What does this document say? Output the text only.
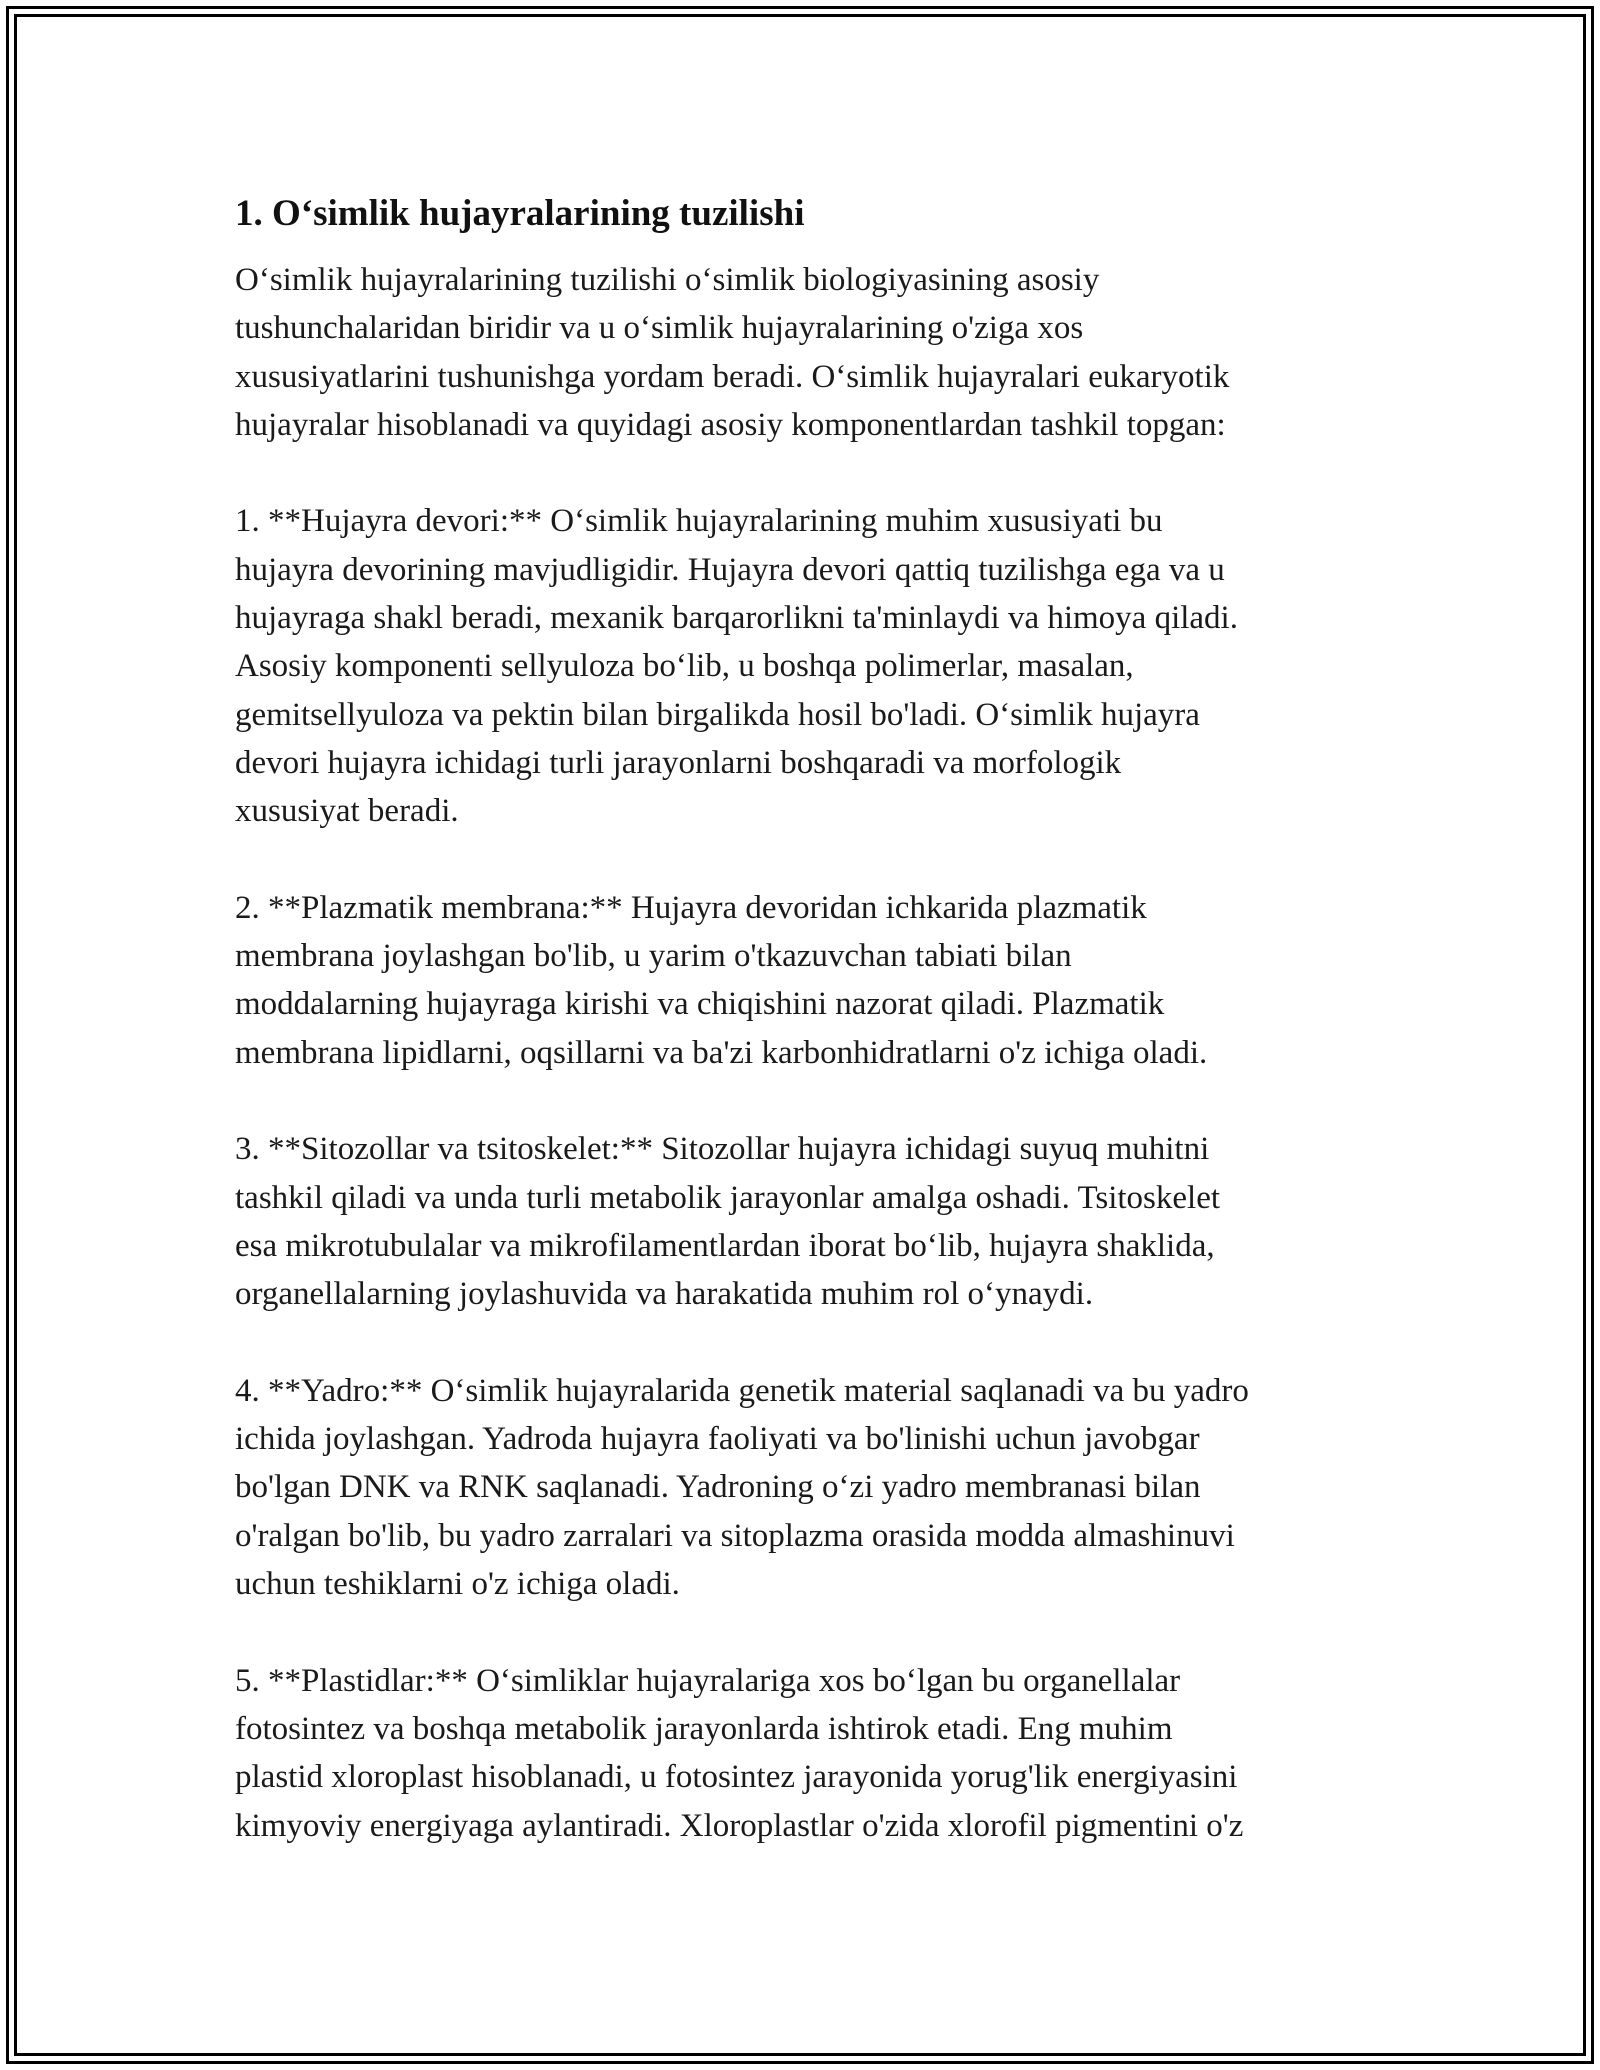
1. O‘simlik hujayralarining tuzilishi
O‘simlik hujayralarining tuzilishi o‘simlik biologiyasining asosiy
tushunchalaridan biridir va u o‘simlik hujayralarining o'ziga xos
xususiyatlarini tushunishga yordam beradi. O‘simlik hujayralari eukaryotik
hujayralar hisoblanadi va quyidagi asosiy komponentlardan tashkil topgan:
1. **Hujayra devori:** O‘simlik hujayralarining muhim xususiyati bu
hujayra devorining mavjudligidir. Hujayra devori qattiq tuzilishga ega va u
hujayraga shakl beradi, mexanik barqarorlikni ta'minlaydi va himoya qiladi.
Asosiy komponenti sellyuloza bo‘lib, u boshqa polimerlar, masalan,
gemitsellyuloza va pektin bilan birgalikda hosil bo'ladi. O‘simlik hujayra
devori hujayra ichidagi turli jarayonlarni boshqaradi va morfologik
xususiyat beradi.
2. **Plazmatik membrana:** Hujayra devoridan ichkarida plazmatik
membrana joylashgan bo'lib, u yarim o'tkazuvchan tabiati bilan
moddalarning hujayraga kirishi va chiqishini nazorat qiladi. Plazmatik
membrana lipidlarni, oqsillarni va ba'zi karbonhidratlarni o'z ichiga oladi.
3. **Sitozollar va tsitoskelet:** Sitozollar hujayra ichidagi suyuq muhitni
tashkil qiladi va unda turli metabolik jarayonlar amalga oshadi. Tsitoskelet
esa mikrotubulalar va mikrofilamentlardan iborat bo‘lib, hujayra shaklida,
organellalarning joylashuvida va harakatida muhim rol o‘ynaydi.
4. **Yadro:** O‘simlik hujayralarida genetik material saqlanadi va bu yadro
ichida joylashgan. Yadroda hujayra faoliyati va bo'linishi uchun javobgar
bo'lgan DNK va RNK saqlanadi. Yadroning o‘zi yadro membranasi bilan
o'ralgan bo'lib, bu yadro zarralari va sitoplazma orasida modda almashinuvi
uchun teshiklarni o'z ichiga oladi.
5. **Plastidlar:** O‘simliklar hujayralariga xos bo‘lgan bu organellalar
fotosintez va boshqa metabolik jarayonlarda ishtirok etadi. Eng muhim
plastid xloroplast hisoblanadi, u fotosintez jarayonida yorug'lik energiyasini
kimyoviy energiyaga aylantiradi. Xloroplastlar o'zida xlorofil pigmentini o'z
